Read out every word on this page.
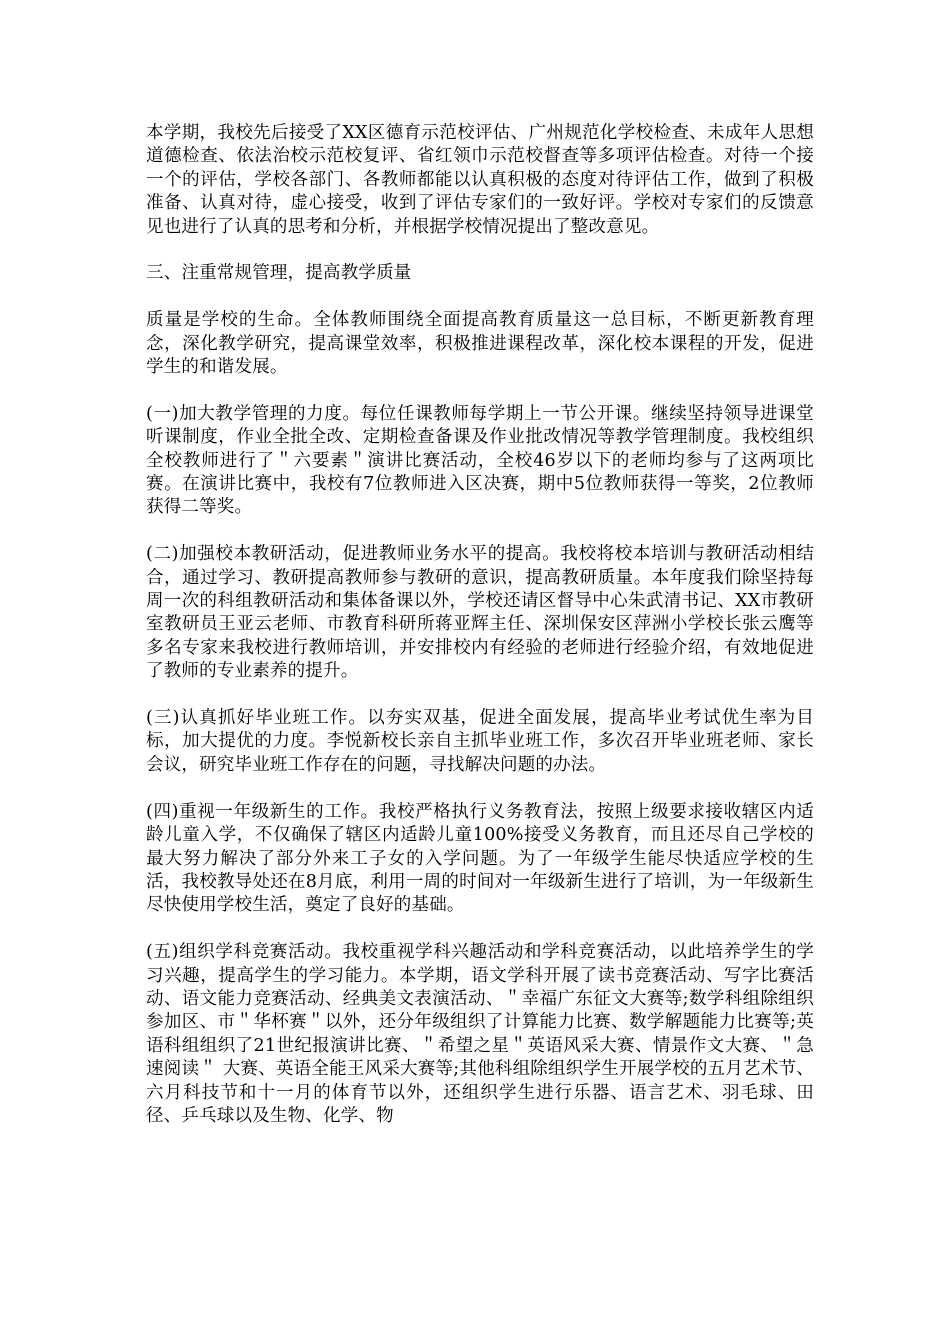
本学期，我校先后接受了XX区德育示范校评估、广州规范化学校检查、未成年人思想道德检查、依法治校示范校复评、省红领巾示范校督查等多项评估检查。对待一个接一个的评估，学校各部门、各教师都能以认真积极的态度对待评估工作，做到了积极准备、认真对待，虚心接受，收到了评估专家们的一致好评。学校对专家们的反馈意见也进行了认真的思考和分析，并根据学校情况提出了整改意见。

三、注重常规管理，提高教学质量

质量是学校的生命。全体教师围绕全面提高教育质量这一总目标，不断更新教育理念，深化教学研究，提高课堂效率，积极推进课程改革，深化校本课程的开发，促进学生的和谐发展。

(一)加大教学管理的力度。每位任课教师每学期上一节公开课。继续坚持领导进课堂听课制度，作业全批全改、定期检查备课及作业批改情况等教学管理制度。我校组织全校教师进行了＂六要素＂演讲比赛活动，全校46岁以下的老师均参与了这两项比赛。在演讲比赛中，我校有7位教师进入区决赛，期中5位教师获得一等奖，2位教师获得二等奖。

(二)加强校本教研活动，促进教师业务水平的提高。我校将校本培训与教研活动相结合，通过学习、教研提高教师参与教研的意识，提高教研质量。本年度我们除坚持每周一次的科组教研活动和集体备课以外，学校还请区督导中心朱武清书记、XX市教研室教研员王亚云老师、市教育科研所蒋亚辉主任、深圳保安区萍洲小学校长张云鹰等多名专家来我校进行教师培训，并安排校内有经验的老师进行经验介绍，有效地促进了教师的专业素养的提升。

(三)认真抓好毕业班工作。以夯实双基，促进全面发展，提高毕业考试优生率为目标，加大提优的力度。李悦新校长亲自主抓毕业班工作，多次召开毕业班老师、家长会议，研究毕业班工作存在的问题，寻找解决问题的办法。

(四)重视一年级新生的工作。我校严格执行义务教育法，按照上级要求接收辖区内适龄儿童入学，不仅确保了辖区内适龄儿童100%接受义务教育，而且还尽自己学校的最大努力解决了部分外来工子女的入学问题。为了一年级学生能尽快适应学校的生活，我校教导处还在8月底，利用一周的时间对一年级新生进行了培训，为一年级新生尽快使用学校生活，奠定了良好的基础。

(五)组织学科竞赛活动。我校重视学科兴趣活动和学科竞赛活动，以此培养学生的学习兴趣，提高学生的学习能力。本学期，语文学科开展了读书竞赛活动、写字比赛活动、语文能力竞赛活动、经典美文表演活动、＂幸福广东征文大赛等;数学科组除组织参加区、市＂华杯赛＂以外，还分年级组织了计算能力比赛、数学解题能力比赛等;英语科组组织了21世纪报演讲比赛、＂希望之星＂英语风采大赛、情景作文大赛、＂急速阅读＂ 大赛、英语全能王风采大赛等;其他科组除组织学生开展学校的五月艺术节、六月科技节和十一月的体育节以外，还组织学生进行乐器、语言艺术、羽毛球、田径、乒乓球以及生物、化学、物
